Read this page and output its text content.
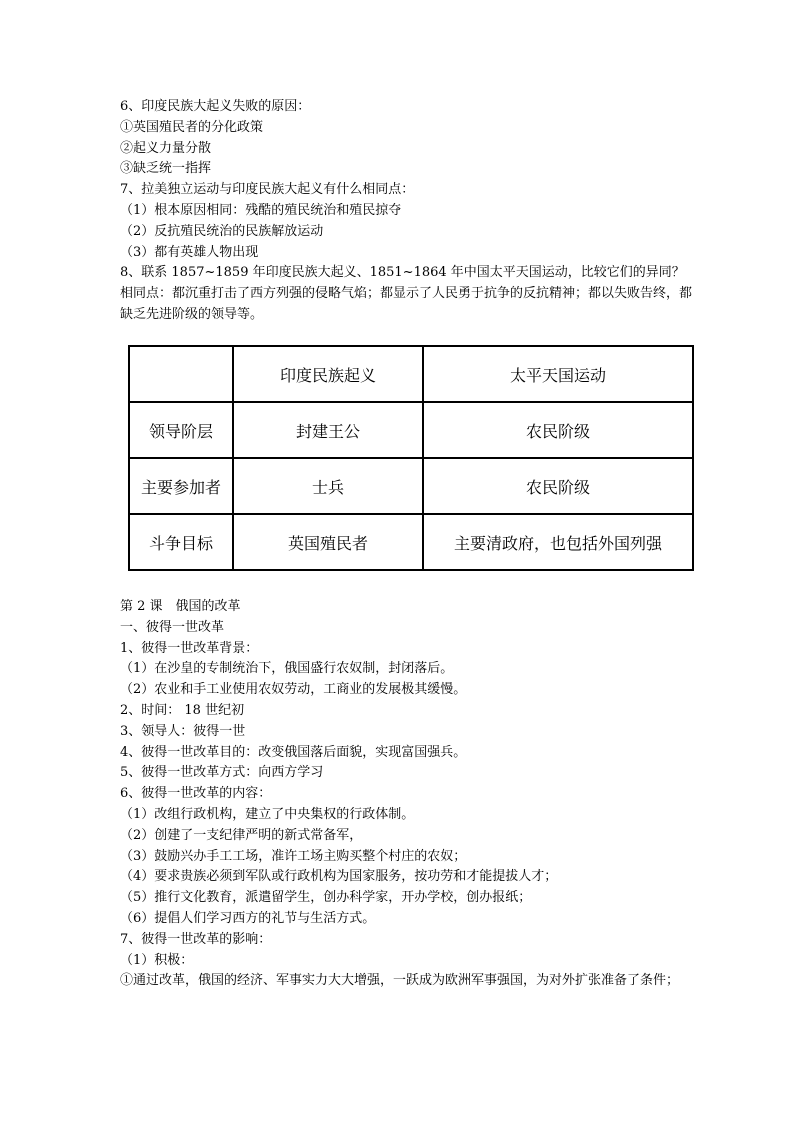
6、印度民族大起义失败的原因：
①英国殖民者的分化政策
②起义力量分散
③缺乏统一指挥
7、拉美独立运动与印度民族大起义有什么相同点：
（1）根本原因相同：残酷的殖民统治和殖民掠夺
（2）反抗殖民统治的民族解放运动
（3）都有英雄人物出现
8、联系 1857~1859 年印度民族大起义、1851~1864 年中国太平天国运动，比较它们的异同？
相同点：都沉重打击了西方列强的侵略气焰；都显示了人民勇于抗争的反抗精神；都以失败告终，都缺乏先进阶级的领导等。
	印度民族起义	太平天国运动
领导阶层	封建王公	农民阶级
主要参加者	士兵	农民阶级
斗争目标	英国殖民者	主要清政府，也包括外国列强
第 2 课　俄国的改革
一、彼得一世改革
1、彼得一世改革背景：
（1）在沙皇的专制统治下，俄国盛行农奴制，封闭落后。
（2）农业和手工业使用农奴劳动，工商业的发展极其缓慢。
2、时间： 18 世纪初
3、领导人：彼得一世
4、彼得一世改革目的：改变俄国落后面貌，实现富国强兵。
5、彼得一世改革方式：向西方学习
6、彼得一世改革的内容：
（1）改组行政机构，建立了中央集权的行政体制。
（2）创建了一支纪律严明的新式常备军，
（3）鼓励兴办手工工场，准许工场主购买整个村庄的农奴；
（4）要求贵族必须到军队或行政机构为国家服务，按功劳和才能提拔人才；
（5）推行文化教育，派遣留学生，创办科学家，开办学校，创办报纸；
（6）提倡人们学习西方的礼节与生活方式。
7、彼得一世改革的影响：
（1）积极：
①通过改革，俄国的经济、军事实力大大增强，一跃成为欧洲军事强国，为对外扩张准备了条件；
